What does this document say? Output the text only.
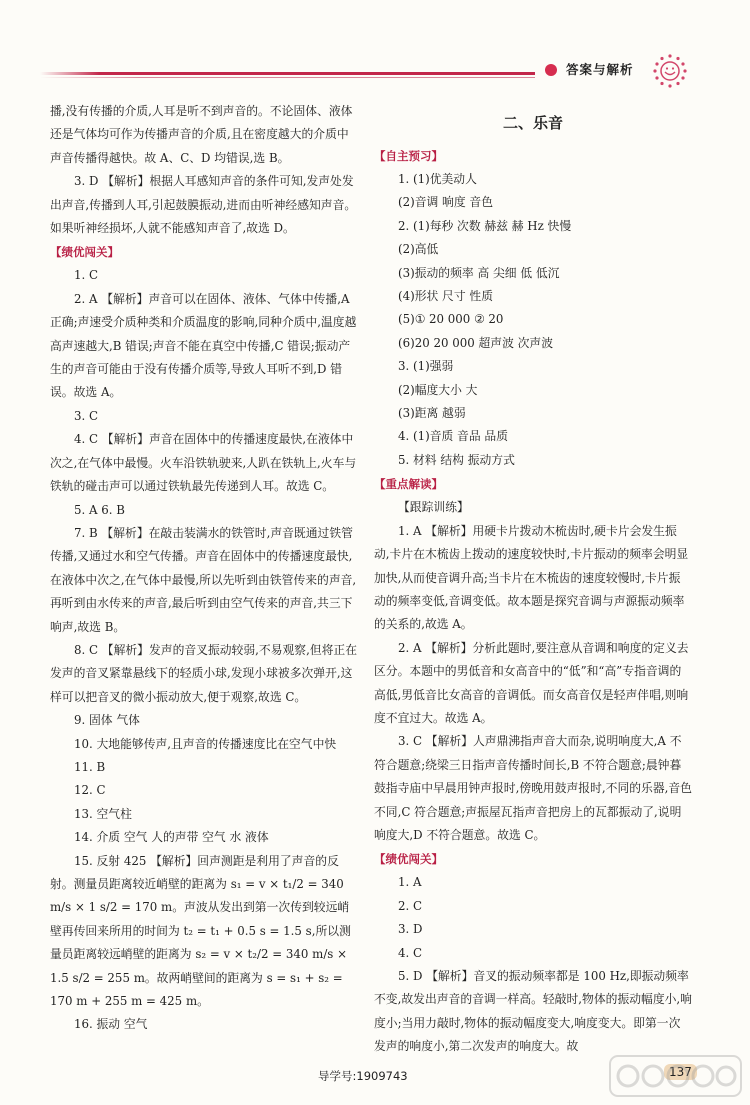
答案与解析

播,没有传播的介质,人耳是听不到声音的。不论固体、液体还是气体均可作为传播声音的介质,且在密度越大的介质中声音传播得越快。故 A、C、D 均错误,选 B。

3. D 【解析】根据人耳感知声音的条件可知,发声处发出声音,传播到人耳,引起鼓膜振动,进而由听神经感知声音。如果听神经损坏,人就不能感知声音了,故选 D。

【绩优闯关】

1. C

2. A 【解析】声音可以在固体、液体、气体中传播,A 正确;声速受介质种类和介质温度的影响,同种介质中,温度越高声速越大,B 错误;声音不能在真空中传播,C 错误;振动产生的声音可能由于没有传播介质等,导致人耳听不到,D 错误。故选 A。

3. C

4. C 【解析】声音在固体中的传播速度最快,在液体中次之,在气体中最慢。火车沿铁轨驶来,人趴在铁轨上,火车与铁轨的碰击声可以通过铁轨最先传递到人耳。故选 C。

5. A 6. B

7. B 【解析】在敲击装满水的铁管时,声音既通过铁管传播,又通过水和空气传播。声音在固体中的传播速度最快,在液体中次之,在气体中最慢,所以先听到由铁管传来的声音,再听到由水传来的声音,最后听到由空气传来的声音,共三下响声,故选 B。

8. C 【解析】发声的音叉振动较弱,不易观察,但将正在发声的音叉紧靠悬线下的轻质小球,发现小球被多次弹开,这样可以把音叉的微小振动放大,便于观察,故选 C。

9. 固体 气体

10. 大地能够传声,且声音的传播速度比在空气中快

11. B

12. C

13. 空气柱

14. 介质 空气 人的声带 空气 水 液体

15. 反射 425 【解析】回声测距是利用了声音的反射。测量员距离较近峭壁的距离为 s₁ = v × t₁/2 = 340 m/s × 1 s/2 = 170 m。声波从发出到第一次传到较远峭壁再传回来所用的时间为 t₂ = t₁ + 0.5 s = 1.5 s,所以测量员距离较远峭壁的距离为 s₂ = v × t₂/2 = 340 m/s × 1.5 s/2 = 255 m。故两峭壁间的距离为 s = s₁ + s₂ = 170 m + 255 m = 425 m。

16. 振动 空气

二、乐音

【自主预习】

1. (1)优美动人

(2)音调 响度 音色

2. (1)每秒 次数 赫兹 赫 Hz 快慢

(2)高低

(3)振动的频率 高 尖细 低 低沉

(4)形状 尺寸 性质

(5)① 20 000 ② 20

(6)20 20 000 超声波 次声波

3. (1)强弱

(2)幅度大小 大

(3)距离 越弱

4. (1)音质 音品 品质

5. 材料 结构 振动方式

【重点解读】

【跟踪训练】

1. A 【解析】用硬卡片拨动木梳齿时,硬卡片会发生振动,卡片在木梳齿上拨动的速度较快时,卡片振动的频率会明显加快,从而使音调升高;当卡片在木梳齿的速度较慢时,卡片振动的频率变低,音调变低。故本题是探究音调与声源振动频率的关系的,故选 A。

2. A 【解析】分析此题时,要注意从音调和响度的定义去区分。本题中的男低音和女高音中的“低”和“高”专指音调的高低,男低音比女高音的音调低。而女高音仅是轻声伴唱,则响度不宜过大。故选 A。

3. C 【解析】人声鼎沸指声音大而杂,说明响度大,A 不符合题意;绕梁三日指声音传播时间长,B 不符合题意;晨钟暮鼓指寺庙中早晨用钟声报时,傍晚用鼓声报时,不同的乐器,音色不同,C 符合题意;声振屋瓦指声音把房上的瓦都振动了,说明响度大,D 不符合题意。故选 C。

【绩优闯关】

1. A

2. C

3. D

4. C

5. D 【解析】音叉的振动频率都是 100 Hz,即振动频率不变,故发出声音的音调一样高。轻敲时,物体的振动幅度小,响度小;当用力敲时,物体的振动幅度变大,响度变大。即第一次发声的响度小,第二次发声的响度大。故

导学号:1909743	137
